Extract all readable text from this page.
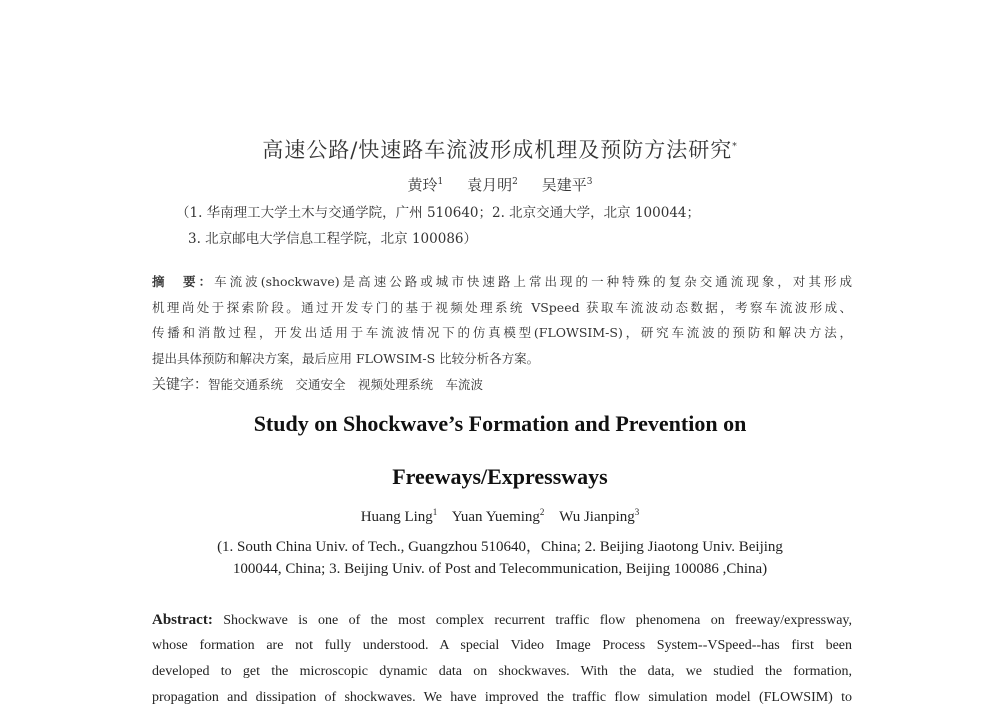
高速公路/快速路车流波形成机理及预防方法研究*
黄玲$^1$ 袁月明$^2$ 吴建平$^3$
（1. 华南理工大学土木与交通学院，广州 510640；2. 北京交通大学，北京 100044；
3. 北京邮电大学信息工程学院，北京 100086）
摘　要：车流波(shockwave)是高速公路或城市快速路上常出现的一种特殊的复杂交通流现象，对其形成
机理尚处于探索阶段。通过开发专门的基于视频处理系统 VSpeed 获取车流波动态数据，考察车流波形成、
传播和消散过程，开发出适用于车流波情况下的仿真模型(FLOWSIM-S)，研究车流波的预防和解决方法，
提出具体预防和解决方案，最后应用 FLOWSIM-S 比较分析各方案。
关键字：智能交通系统　交通安全　视频处理系统　车流波
Study on Shockwave’s Formation and Prevention on
Freeways/Expressways
Huang Ling$^1$ Yuan Yueming$^2$ Wu Jianping$^3$
(1. South China Univ. of Tech., Guangzhou 510640，China; 2. Beijing Jiaotong Univ. Beijing
100044, China; 3. Beijing Univ. of Post and Telecommunication, Beijing 100086 ,China)
Abstract: Shockwave is one of the most complex recurrent traffic flow phenomena on freeway/expressway,
whose formation are not fully understood. A special Video Image Process System--VSpeed--has first been
developed to get the microscopic dynamic data on shockwaves. With the data, we studied the formation,
propagation and dissipation of shockwaves. We have improved the traffic flow simulation model (FLOWSIM) to
